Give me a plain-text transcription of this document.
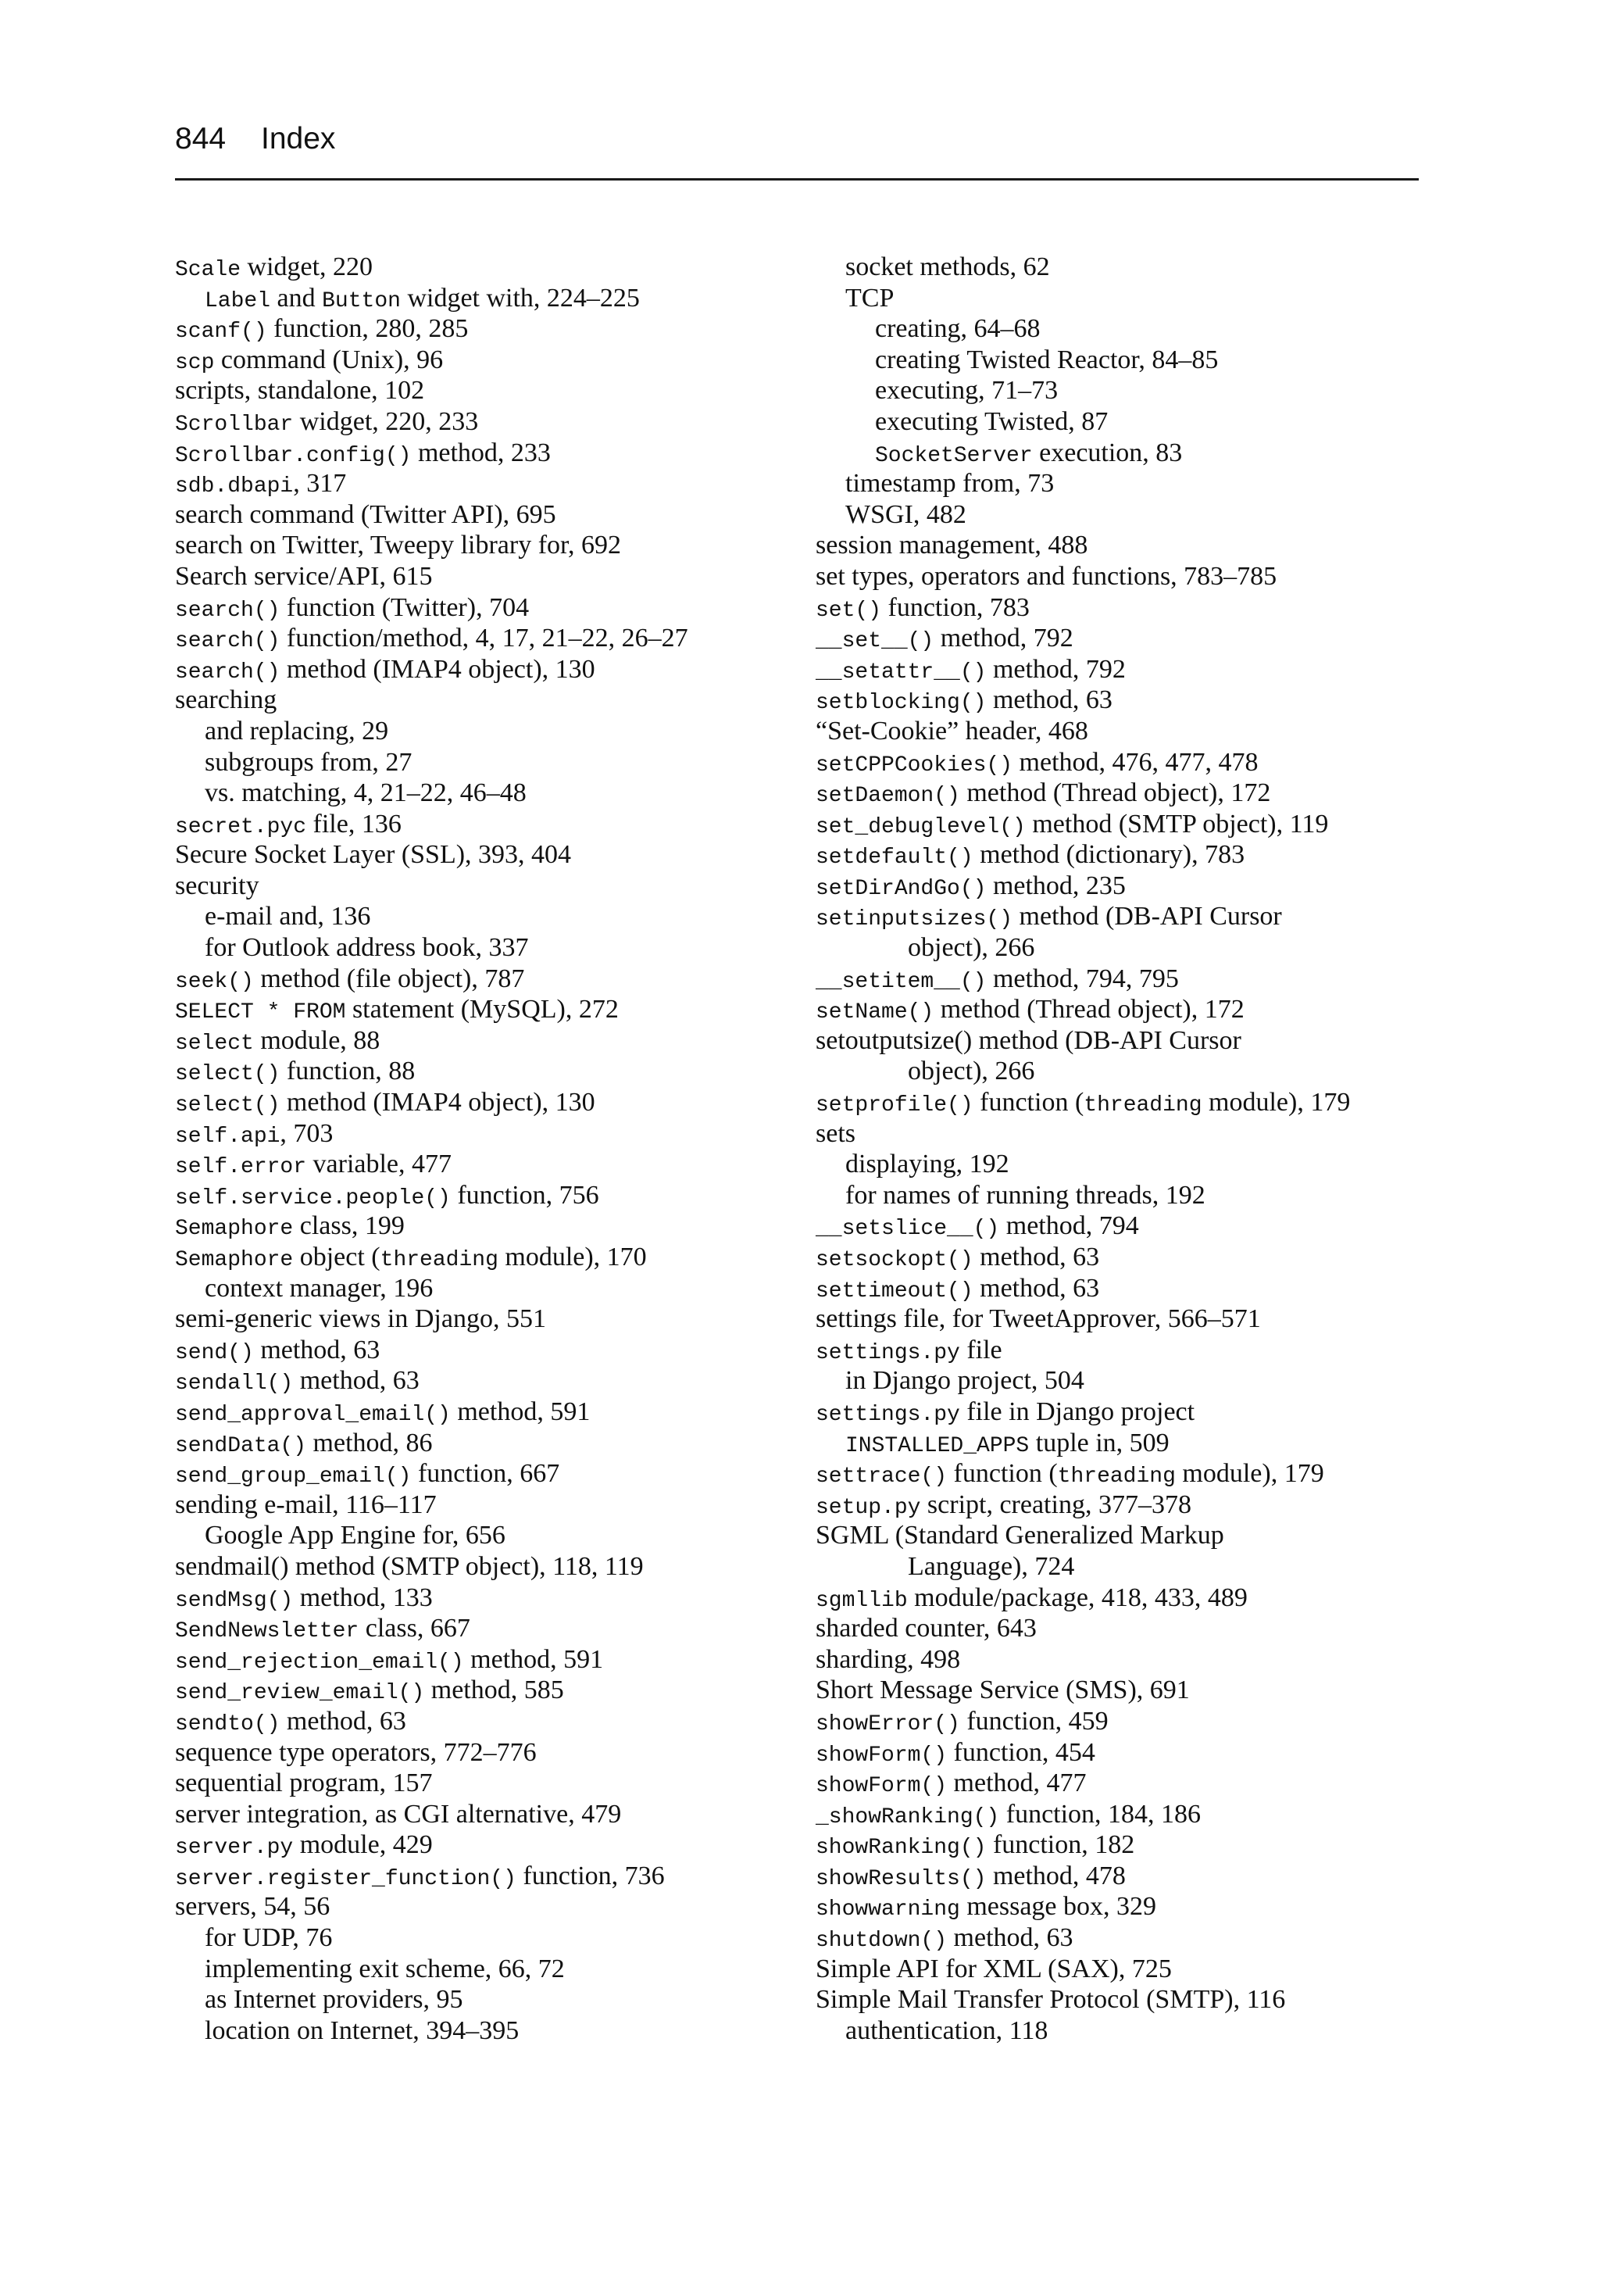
844 Index
Scale widget, 220
Label and Button widget with, 224–225
scanf() function, 280, 285
scp command (Unix), 96
scripts, standalone, 102
Scrollbar widget, 220, 233
Scrollbar.config() method, 233
sdb.dbapi, 317
search command (Twitter API), 695
search on Twitter, Tweepy library for, 692
Search service/API, 615
search() function (Twitter), 704
search() function/method, 4, 17, 21–22, 26–27
search() method (IMAP4 object), 130
searching
and replacing, 29
subgroups from, 27
vs. matching, 4, 21–22, 46–48
secret.pyc file, 136
Secure Socket Layer (SSL), 393, 404
security
e-mail and, 136
for Outlook address book, 337
seek() method (file object), 787
SELECT * FROM statement (MySQL), 272
select module, 88
select() function, 88
select() method (IMAP4 object), 130
self.api, 703
self.error variable, 477
self.service.people() function, 756
Semaphore class, 199
Semaphore object (threading module), 170
context manager, 196
semi-generic views in Django, 551
send() method, 63
sendall() method, 63
send_approval_email() method, 591
sendData() method, 86
send_group_email() function, 667
sending e-mail, 116–117
Google App Engine for, 656
sendmail() method (SMTP object), 118, 119
sendMsg() method, 133
SendNewsletter class, 667
send_rejection_email() method, 591
send_review_email() method, 585
sendto() method, 63
sequence type operators, 772–776
sequential program, 157
server integration, as CGI alternative, 479
server.py module, 429
server.register_function() function, 736
servers, 54, 56
for UDP, 76
implementing exit scheme, 66, 72
as Internet providers, 95
location on Internet, 394–395
socket methods, 62
TCP
creating, 64–68
creating Twisted Reactor, 84–85
executing, 71–73
executing Twisted, 87
SocketServer execution, 83
timestamp from, 73
WSGI, 482
session management, 488
set types, operators and functions, 783–785
set() function, 783
__set__() method, 792
__setattr__() method, 792
setblocking() method, 63
“Set-Cookie” header, 468
setCPPCookies() method, 476, 477, 478
setDaemon() method (Thread object), 172
set_debuglevel() method (SMTP object), 119
setdefault() method (dictionary), 783
setDirAndGo() method, 235
setinputsizes() method (DB-API Cursor
object), 266
__setitem__() method, 794, 795
setName() method (Thread object), 172
setoutputsize() method (DB-API Cursor
object), 266
setprofile() function (threading module), 179
sets
displaying, 192
for names of running threads, 192
__setslice__() method, 794
setsockopt() method, 63
settimeout() method, 63
settings file, for TweetApprover, 566–571
settings.py file
in Django project, 504
settings.py file in Django project
INSTALLED_APPS tuple in, 509
settrace() function (threading module), 179
setup.py script, creating, 377–378
SGML (Standard Generalized Markup
Language), 724
sgmllib module/package, 418, 433, 489
sharded counter, 643
sharding, 498
Short Message Service (SMS), 691
showError() function, 459
showForm() function, 454
showForm() method, 477
_showRanking() function, 184, 186
showRanking() function, 182
showResults() method, 478
showwarning message box, 329
shutdown() method, 63
Simple API for XML (SAX), 725
Simple Mail Transfer Protocol (SMTP), 116
authentication, 118
